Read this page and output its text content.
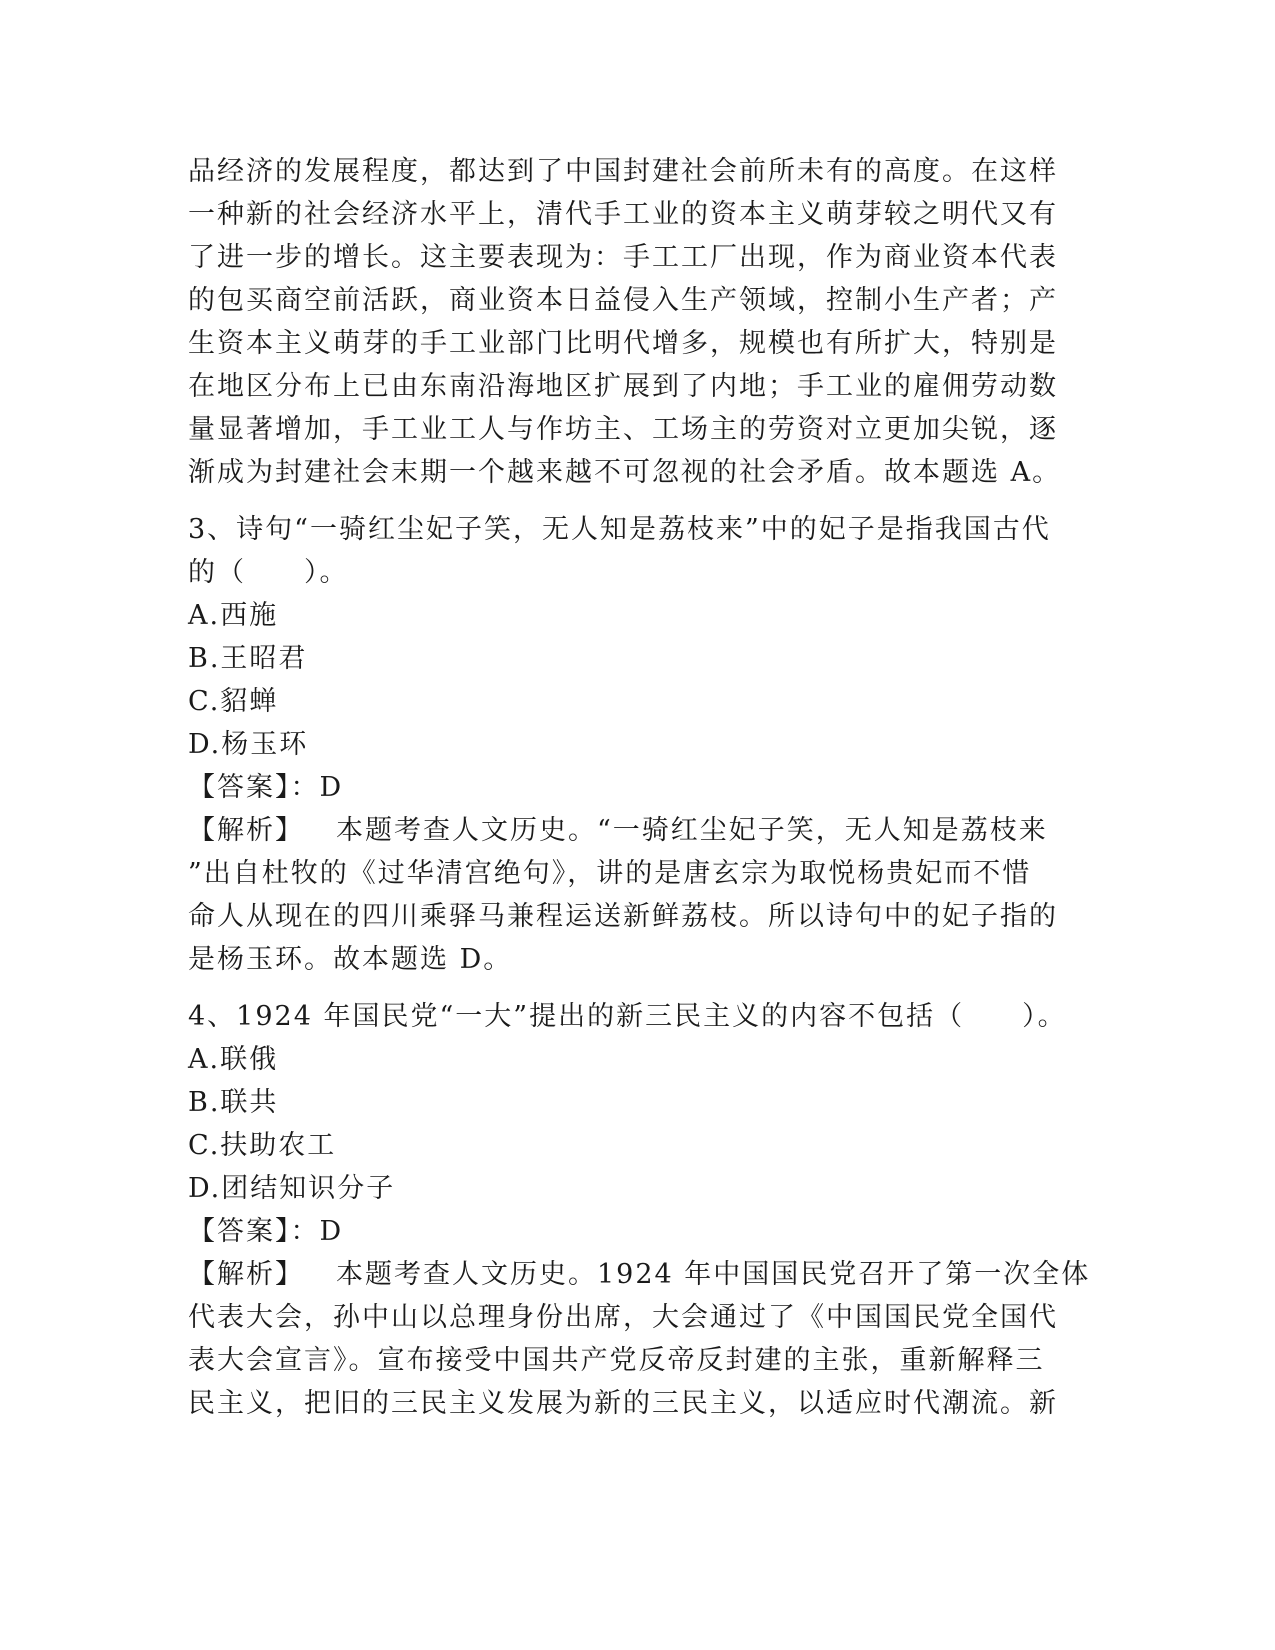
品经济的发展程度，都达到了中国封建社会前所未有的高度。在这样
一种新的社会经济水平上，清代手工业的资本主义萌芽较之明代又有
了进一步的增长。这主要表现为：手工工厂出现，作为商业资本代表
的包买商空前活跃，商业资本日益侵入生产领域，控制小生产者；产
生资本主义萌芽的手工业部门比明代增多，规模也有所扩大，特别是
在地区分布上已由东南沿海地区扩展到了内地；手工业的雇佣劳动数
量显著增加，手工业工人与作坊主、工场主的劳资对立更加尖锐，逐
渐成为封建社会末期一个越来越不可忽视的社会矛盾。故本题选 A。
3、诗句“一骑红尘妃子笑，无人知是荔枝来”中的妃子是指我国古代
的（　　）。
A.西施
B.王昭君
C.貂蝉
D.杨玉环
【答案】：D
【解析】 本题考查人文历史。“一骑红尘妃子笑，无人知是荔枝来
”出自杜牧的《过华清宫绝句》，讲的是唐玄宗为取悦杨贵妃而不惜
命人从现在的四川乘驿马兼程运送新鲜荔枝。所以诗句中的妃子指的
是杨玉环。故本题选 D。
4、1924 年国民党“一大”提出的新三民主义的内容不包括（　　）。
A.联俄
B.联共
C.扶助农工
D.团结知识分子
【答案】：D
【解析】 本题考查人文历史。1924 年中国国民党召开了第一次全体
代表大会，孙中山以总理身份出席，大会通过了《中国国民党全国代
表大会宣言》。宣布接受中国共产党反帝反封建的主张，重新解释三
民主义，把旧的三民主义发展为新的三民主义，以适应时代潮流。新
